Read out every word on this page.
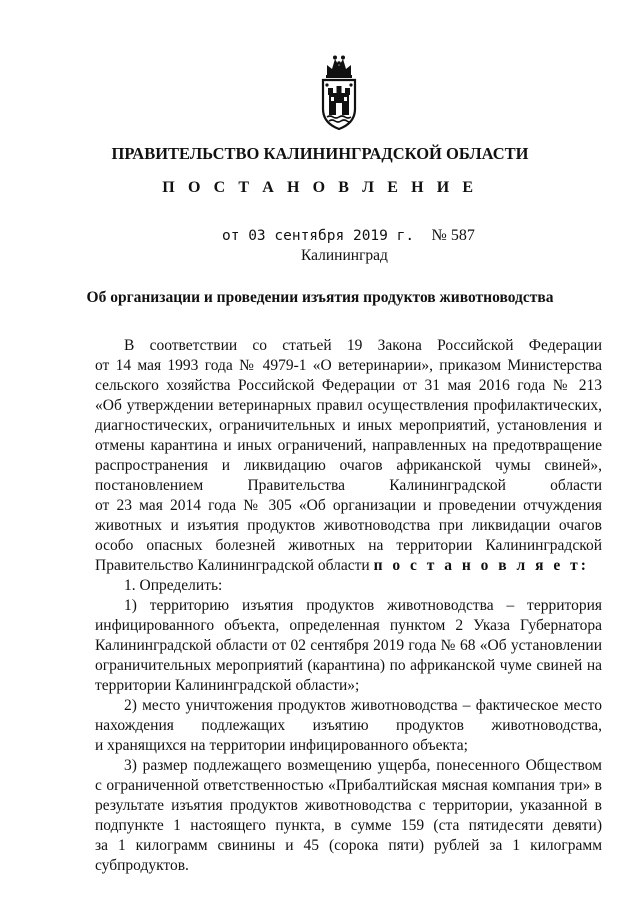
ПРАВИТЕЛЬСТВО КАЛИНИНГРАДСКОЙ ОБЛАСТИ
П О С Т А Н О В Л Е Н И Е
от 03 сентября 2019 г. № 587
Калининград
Об организации и проведении изъятия продуктов животноводства
В соответствии со статьей 19 Закона Российской Федерации
от 14 мая 1993 года № 4979-1 «О ветеринарии», приказом Министерства
сельского хозяйства Российской Федерации от 31 мая 2016 года № 213
«Об утверждении ветеринарных правил осуществления профилактических,
диагностических, ограничительных и иных мероприятий, установления и
отмены карантина и иных ограничений, направленных на предотвращение
распространения и ликвидацию очагов африканской чумы свиней»,
постановлением Правительства Калининградской области
от 23 мая 2014 года № 305 «Об организации и проведении отчуждения
животных и изъятия продуктов животноводства при ликвидации очагов
особо опасных болезней животных на территории Калининградской
Правительство Калининградской области п о с т а н о в л я е т:
1. Определить:
1) территорию изъятия продуктов животноводства – территория
инфицированного объекта, определенная пунктом 2 Указа Губернатора
Калининградской области от 02 сентября 2019 года № 68 «Об установлении
ограничительных мероприятий (карантина) по африканской чуме свиней на
территории Калининградской области»;
2) место уничтожения продуктов животноводства – фактическое место
нахождения подлежащих изъятию продуктов животноводства,
и хранящихся на территории инфицированного объекта;
3) размер подлежащего возмещению ущерба, понесенного Обществом
с ограниченной ответственностью «Прибалтийская мясная компания три» в
результате изъятия продуктов животноводства с территории, указанной в
подпункте 1 настоящего пункта, в сумме 159 (ста пятидесяти девяти)
за 1 килограмм свинины и 45 (сорока пяти) рублей за 1 килограмм
субпродуктов.
